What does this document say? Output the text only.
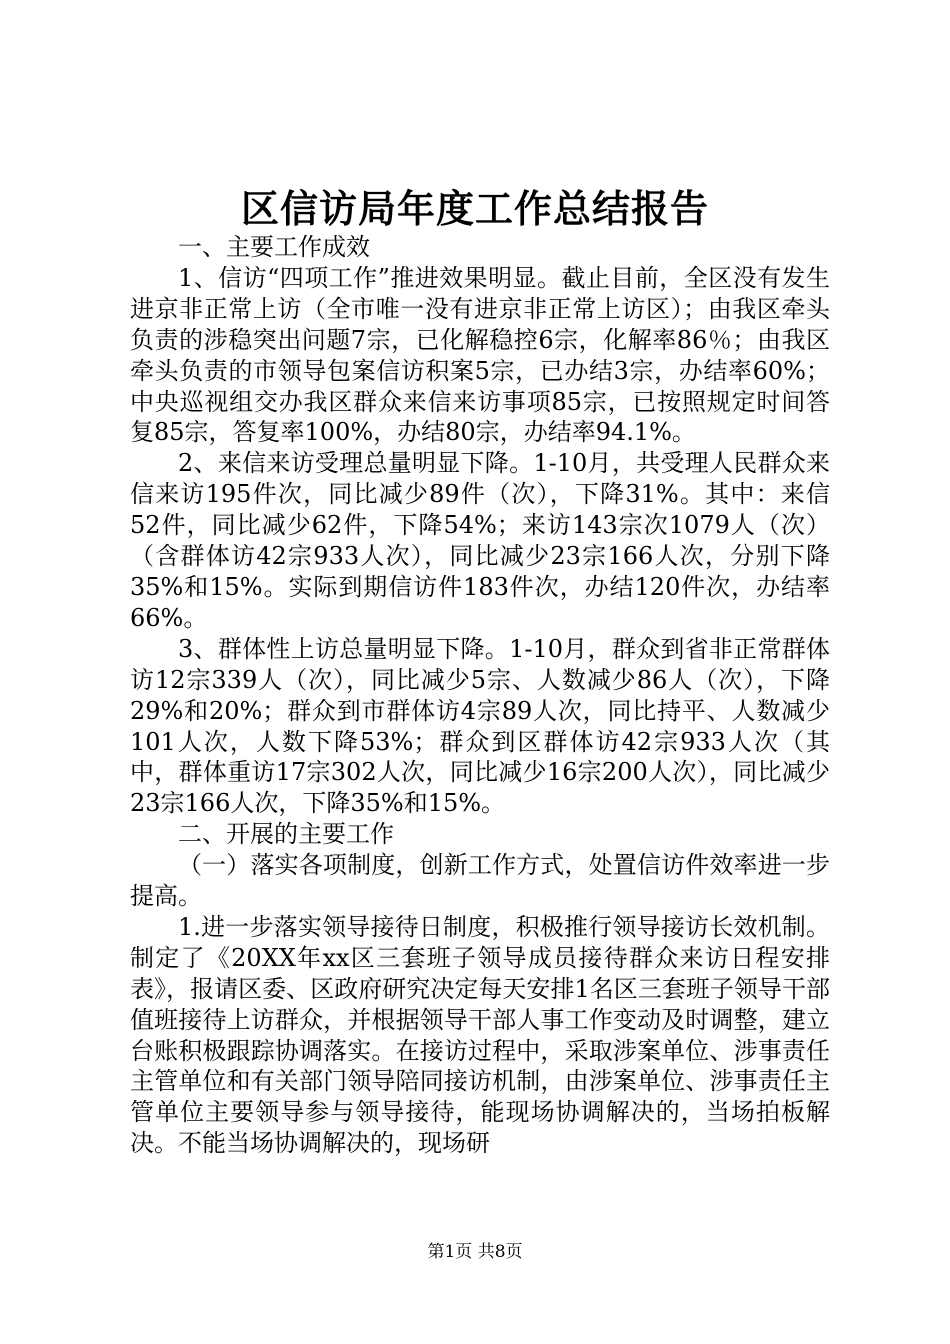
区信访局年度工作总结报告

一、主要工作成效

1、信访“四项工作”推进效果明显。截止目前，全区没有发生进京非正常上访（全市唯一没有进京非正常上访区）；由我区牵头负责的涉稳突出问题7宗，已化解稳控6宗，化解率86％；由我区牵头负责的市领导包案信访积案5宗，已办结3宗，办结率60%；中央巡视组交办我区群众来信来访事项85宗，已按照规定时间答复85宗，答复率100%，办结80宗，办结率94.1%。

2、来信来访受理总量明显下降。1-10月，共受理人民群众来信来访195件次，同比减少89件（次），下降31%。其中：来信52件，同比减少62件，下降54%；来访143宗次1079人（次）（含群体访42宗933人次），同比减少23宗166人次，分别下降35%和15%。实际到期信访件183件次，办结120件次，办结率66%。

3、群体性上访总量明显下降。1-10月，群众到省非正常群体访12宗339人（次），同比减少5宗、人数减少86人（次），下降29%和20%；群众到市群体访4宗89人次，同比持平、人数减少101人次，人数下降53%；群众到区群体访42宗933人次（其中，群体重访17宗302人次，同比减少16宗200人次），同比减少23宗166人次，下降35%和15%。

二、开展的主要工作

（一）落实各项制度，创新工作方式，处置信访件效率进一步提高。

1.进一步落实领导接待日制度，积极推行领导接访长效机制。制定了《20XX年xx区三套班子领导成员接待群众来访日程安排表》，报请区委、区政府研究决定每天安排1名区三套班子领导干部值班接待上访群众，并根据领导干部人事工作变动及时调整，建立台账积极跟踪协调落实。在接访过程中，采取涉案单位、涉事责任主管单位和有关部门领导陪同接访机制，由涉案单位、涉事责任主管单位主要领导参与领导接待，能现场协调解决的，当场拍板解决。不能当场协调解决的，现场研

第1页 共8页
